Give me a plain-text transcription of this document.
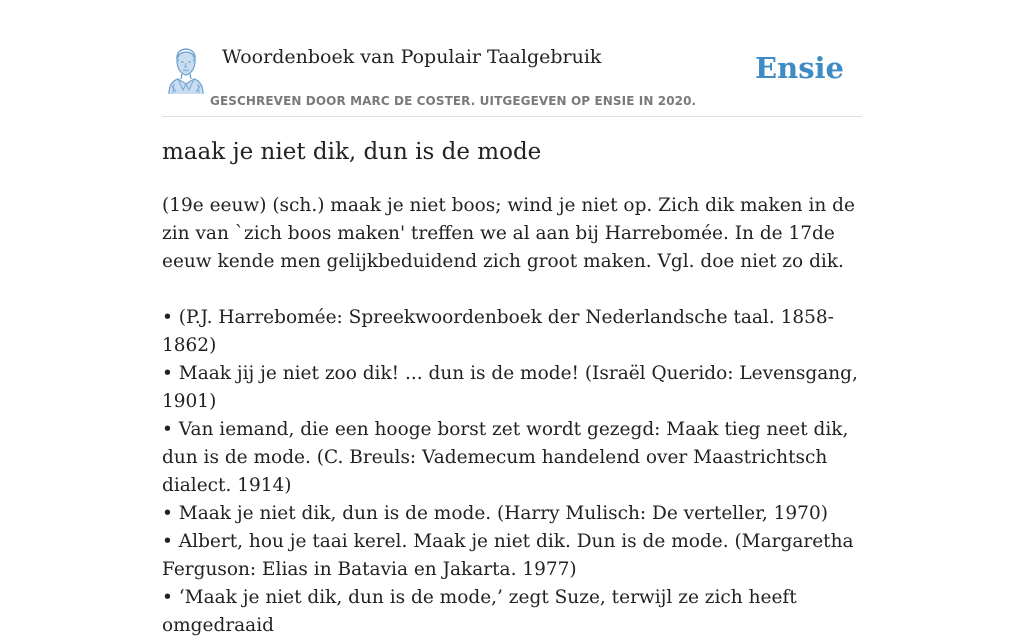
Woordenboek van Populair Taalgebruik
GESCHREVEN DOOR MARC DE COSTER. UITGEGEVEN OP ENSIE IN 2020.
Ensie
maak je niet dik, dun is de mode

(19e eeuw) (sch.) maak je niet boos; wind je niet op. Zich dik maken in de zin van `zich boos maken' treffen we al aan bij Harrebomée. In de 17de eeuw kende men gelijkbeduidend zich groot maken. Vgl. doe niet zo dik.

• (P.J. Harrebomée: Spreekwoordenboek der Nederlandsche taal. 1858-1862)

• Maak jij je niet zoo dik! ... dun is de mode! (Israël Querido: Levensgang, 1901)

• Van iemand, die een hooge borst zet wordt gezegd: Maak tieg neet dik, dun is de mode. (C. Breuls: Vademecum handelend over Maastrichtsch dialect. 1914)

• Maak je niet dik, dun is de mode. (Harry Mulisch: De verteller, 1970)

• Albert, hou je taai kerel. Maak je niet dik. Dun is de mode. (Margaretha Ferguson: Elias in Batavia en Jakarta. 1977)

• ‘Maak je niet dik, dun is de mode,’ zegt Suze, terwijl ze zich heeft omgedraaid
